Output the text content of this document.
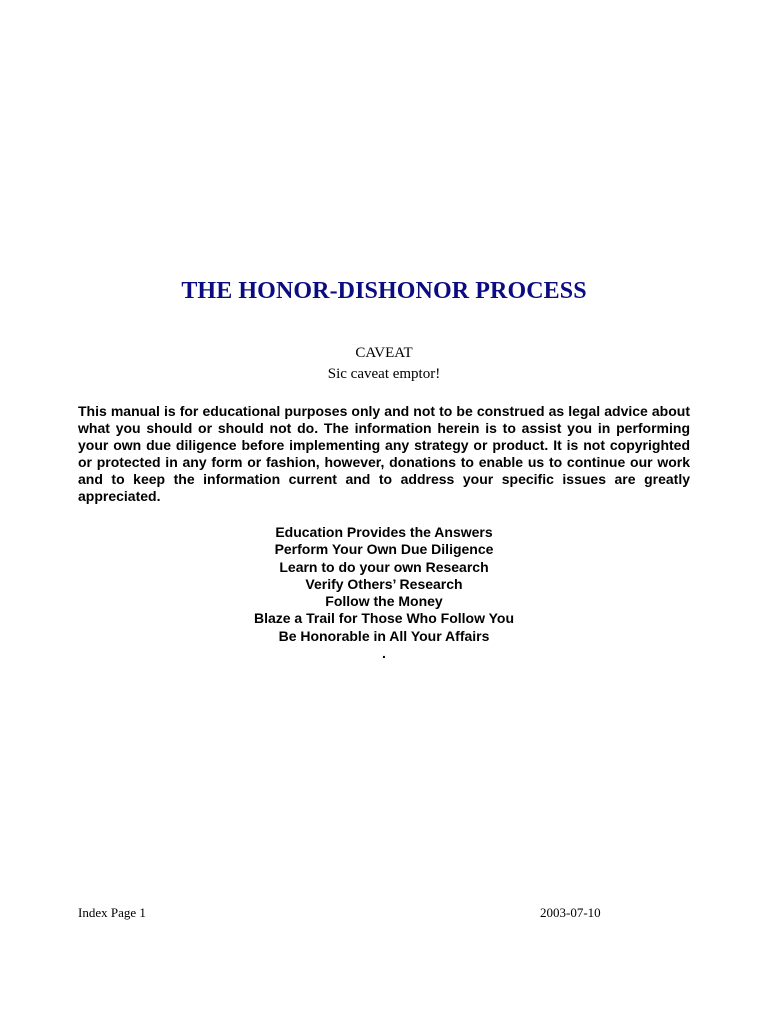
THE HONOR-DISHONOR PROCESS
CAVEAT
Sic caveat emptor!

This manual is for educational purposes only and not to be construed as legal advice about what you should or should not do. The information herein is to assist you in performing your own due diligence before implementing any strategy or product. It is not copyrighted or protected in any form or fashion, however, donations to enable us to continue our work and to keep the information current and to address your specific issues are greatly appreciated.

Education Provides the Answers
Perform Your Own Due Diligence
Learn to do your own Research
Verify Others’ Research
Follow the Money
Blaze a Trail for Those Who Follow You
Be Honorable in All Your Affairs
.
Index Page 1	2003-07-10
